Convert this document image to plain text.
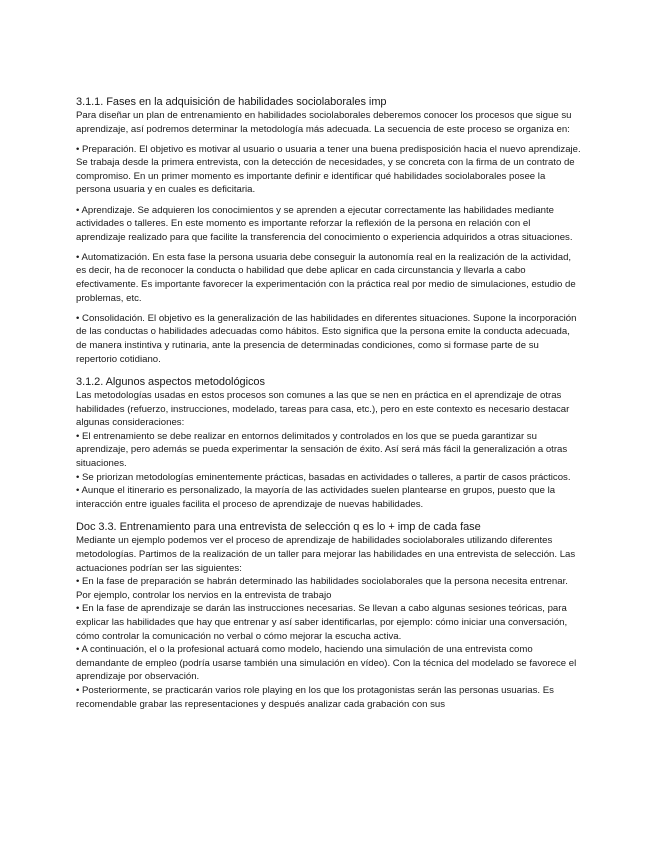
3.1.1. Fases en la adquisición de habilidades sociolaborales imp

Para diseñar un plan de entrenamiento en habilidades sociolaborales deberemos conocer los procesos que sigue su aprendizaje, así podremos determinar la metodología más adecuada. La secuencia de este proceso se organiza en:

• Preparación. El objetivo es motivar al usuario o usuaria a tener una buena predisposición hacia el nuevo aprendizaje. Se trabaja desde la primera entrevista, con la detección de necesidades, y se concreta con la firma de un contrato de compromiso. En un primer momento es importante definir e identificar qué habilidades sociolaborales posee la persona usuaria y en cuales es deficitaria.

• Aprendizaje. Se adquieren los conocimientos y se aprenden a ejecutar correctamente las habilidades mediante actividades o talleres. En este momento es importante reforzar la reflexión de la persona en relación con el aprendizaje realizado para que facilite la transferencia del conocimiento o experiencia adquiridos a otras situaciones.

• Automatización. En esta fase la persona usuaria debe conseguir la autonomía real en la realización de la actividad, es decir, ha de reconocer la conducta o habilidad que debe aplicar en cada circunstancia y llevarla a cabo efectivamente. Es importante favorecer la experimentación con la práctica real por medio de simulaciones, estudio de problemas, etc.

• Consolidación. El objetivo es la generalización de las habilidades en diferentes situaciones. Supone la incorporación de las conductas o habilidades adecuadas como hábitos. Esto significa que la persona emite la conducta adecuada, de manera instintiva y rutinaria, ante la presencia de determinadas condiciones, como si formase parte de su repertorio cotidiano.

3.1.2. Algunos aspectos metodológicos

Las metodologías usadas en estos procesos son comunes a las que se nen en práctica en el aprendizaje de otras habilidades (refuerzo, instrucciones, modelado, tareas para casa, etc.), pero en este contexto es necesario destacar algunas consideraciones:

• El entrenamiento se debe realizar en entornos delimitados y controlados en los que se pueda garantizar su aprendizaje, pero además se pueda experimentar la sensación de éxito. Así será más fácil la generalización a otras situaciones.

• Se priorizan metodologías eminentemente prácticas, basadas en actividades o talleres, a partir de casos prácticos.

• Aunque el itinerario es personalizado, la mayoría de las actividades suelen plantearse en grupos, puesto que la interacción entre iguales facilita el proceso de aprendizaje de nuevas habilidades.

Doc 3.3. Entrenamiento para una entrevista de selección q es lo + imp de cada fase

Mediante un ejemplo podemos ver el proceso de aprendizaje de habilidades sociolaborales utilizando diferentes metodologías. Partimos de la realización de un taller para mejorar las habilidades en una entrevista de selección. Las actuaciones podrían ser las siguientes:

• En la fase de preparación se habrán determinado las habilidades sociolaborales que la persona necesita entrenar. Por ejemplo, controlar los nervios en la entrevista de trabajo

• En la fase de aprendizaje se darán las instrucciones necesarias. Se llevan a cabo algunas sesiones teóricas, para explicar las habilidades que hay que entrenar y así saber identificarlas, por ejemplo: cómo iniciar una conversación, cómo controlar la comunicación no verbal o cómo mejorar la escucha activa.

• A continuación, el o la profesional actuará como modelo, haciendo una simulación de una entrevista como demandante de empleo (podría usarse también una simulación en vídeo). Con la técnica del modelado se favorece el aprendizaje por observación.

• Posteriormente, se practicarán varios role playing en los que los protagonistas serán las personas usuarias. Es recomendable grabar las representaciones y después analizar cada grabación con sus
